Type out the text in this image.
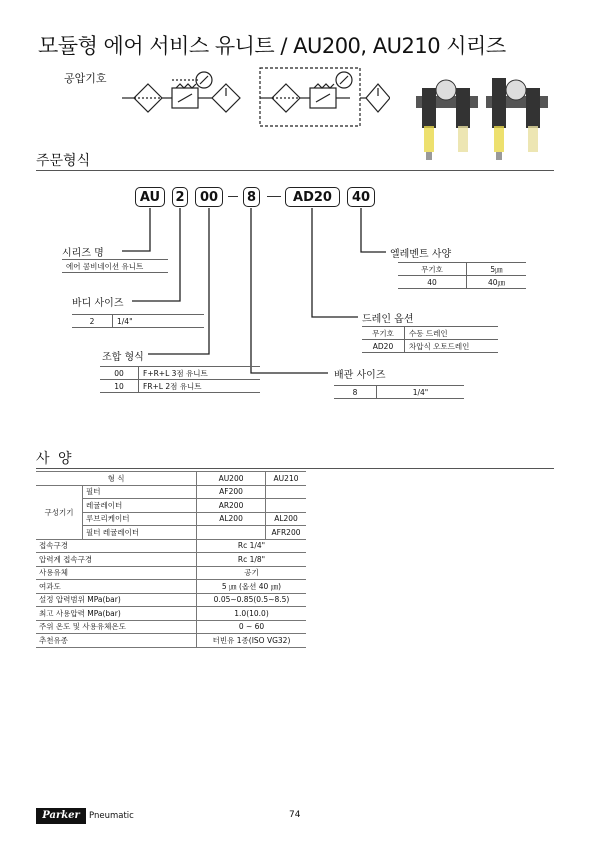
모듈형 에어 서비스 유니트 / AU200, AU210 시리즈
공압기호
주문형식
AU	2	00	8	AD20	40
시리즈 명
에어 콤비네이션 유니트
바디 사이즈
2	1/4"
조합 형식
00	F+R+L 3점 유니트
10	FR+L 2점 유니트
배관 사이즈
8	1/4"
드레인 옵션
무기호	수동 드레인
AD20	차압식 오토드레인
엘레멘트 사양
무기호	5㎛
40	40㎛
사 양
형 식		AU200	AU210
구성기기	필터	AF200	
	레귤레이터	AR200	
	루브리케이터	AL200	AL200
	필터 레귤레이터		AFR200
접속구경		Rc 1/4"	
압력계 접속구경		Rc 1/8"	
사용유체		공기	
여과도		5 ㎛ (옵션 40 ㎛)	
설정 압력범위 MPa(bar)		0.05~0.85(0.5~8.5)	
최고 사용압력 MPa(bar)		1.0(10.0)	
주위 온도 및 사용유체온도		0 ~ 60	
추천유종		터빈유 1종(ISO VG32)	
Parker	Pneumatic	74
